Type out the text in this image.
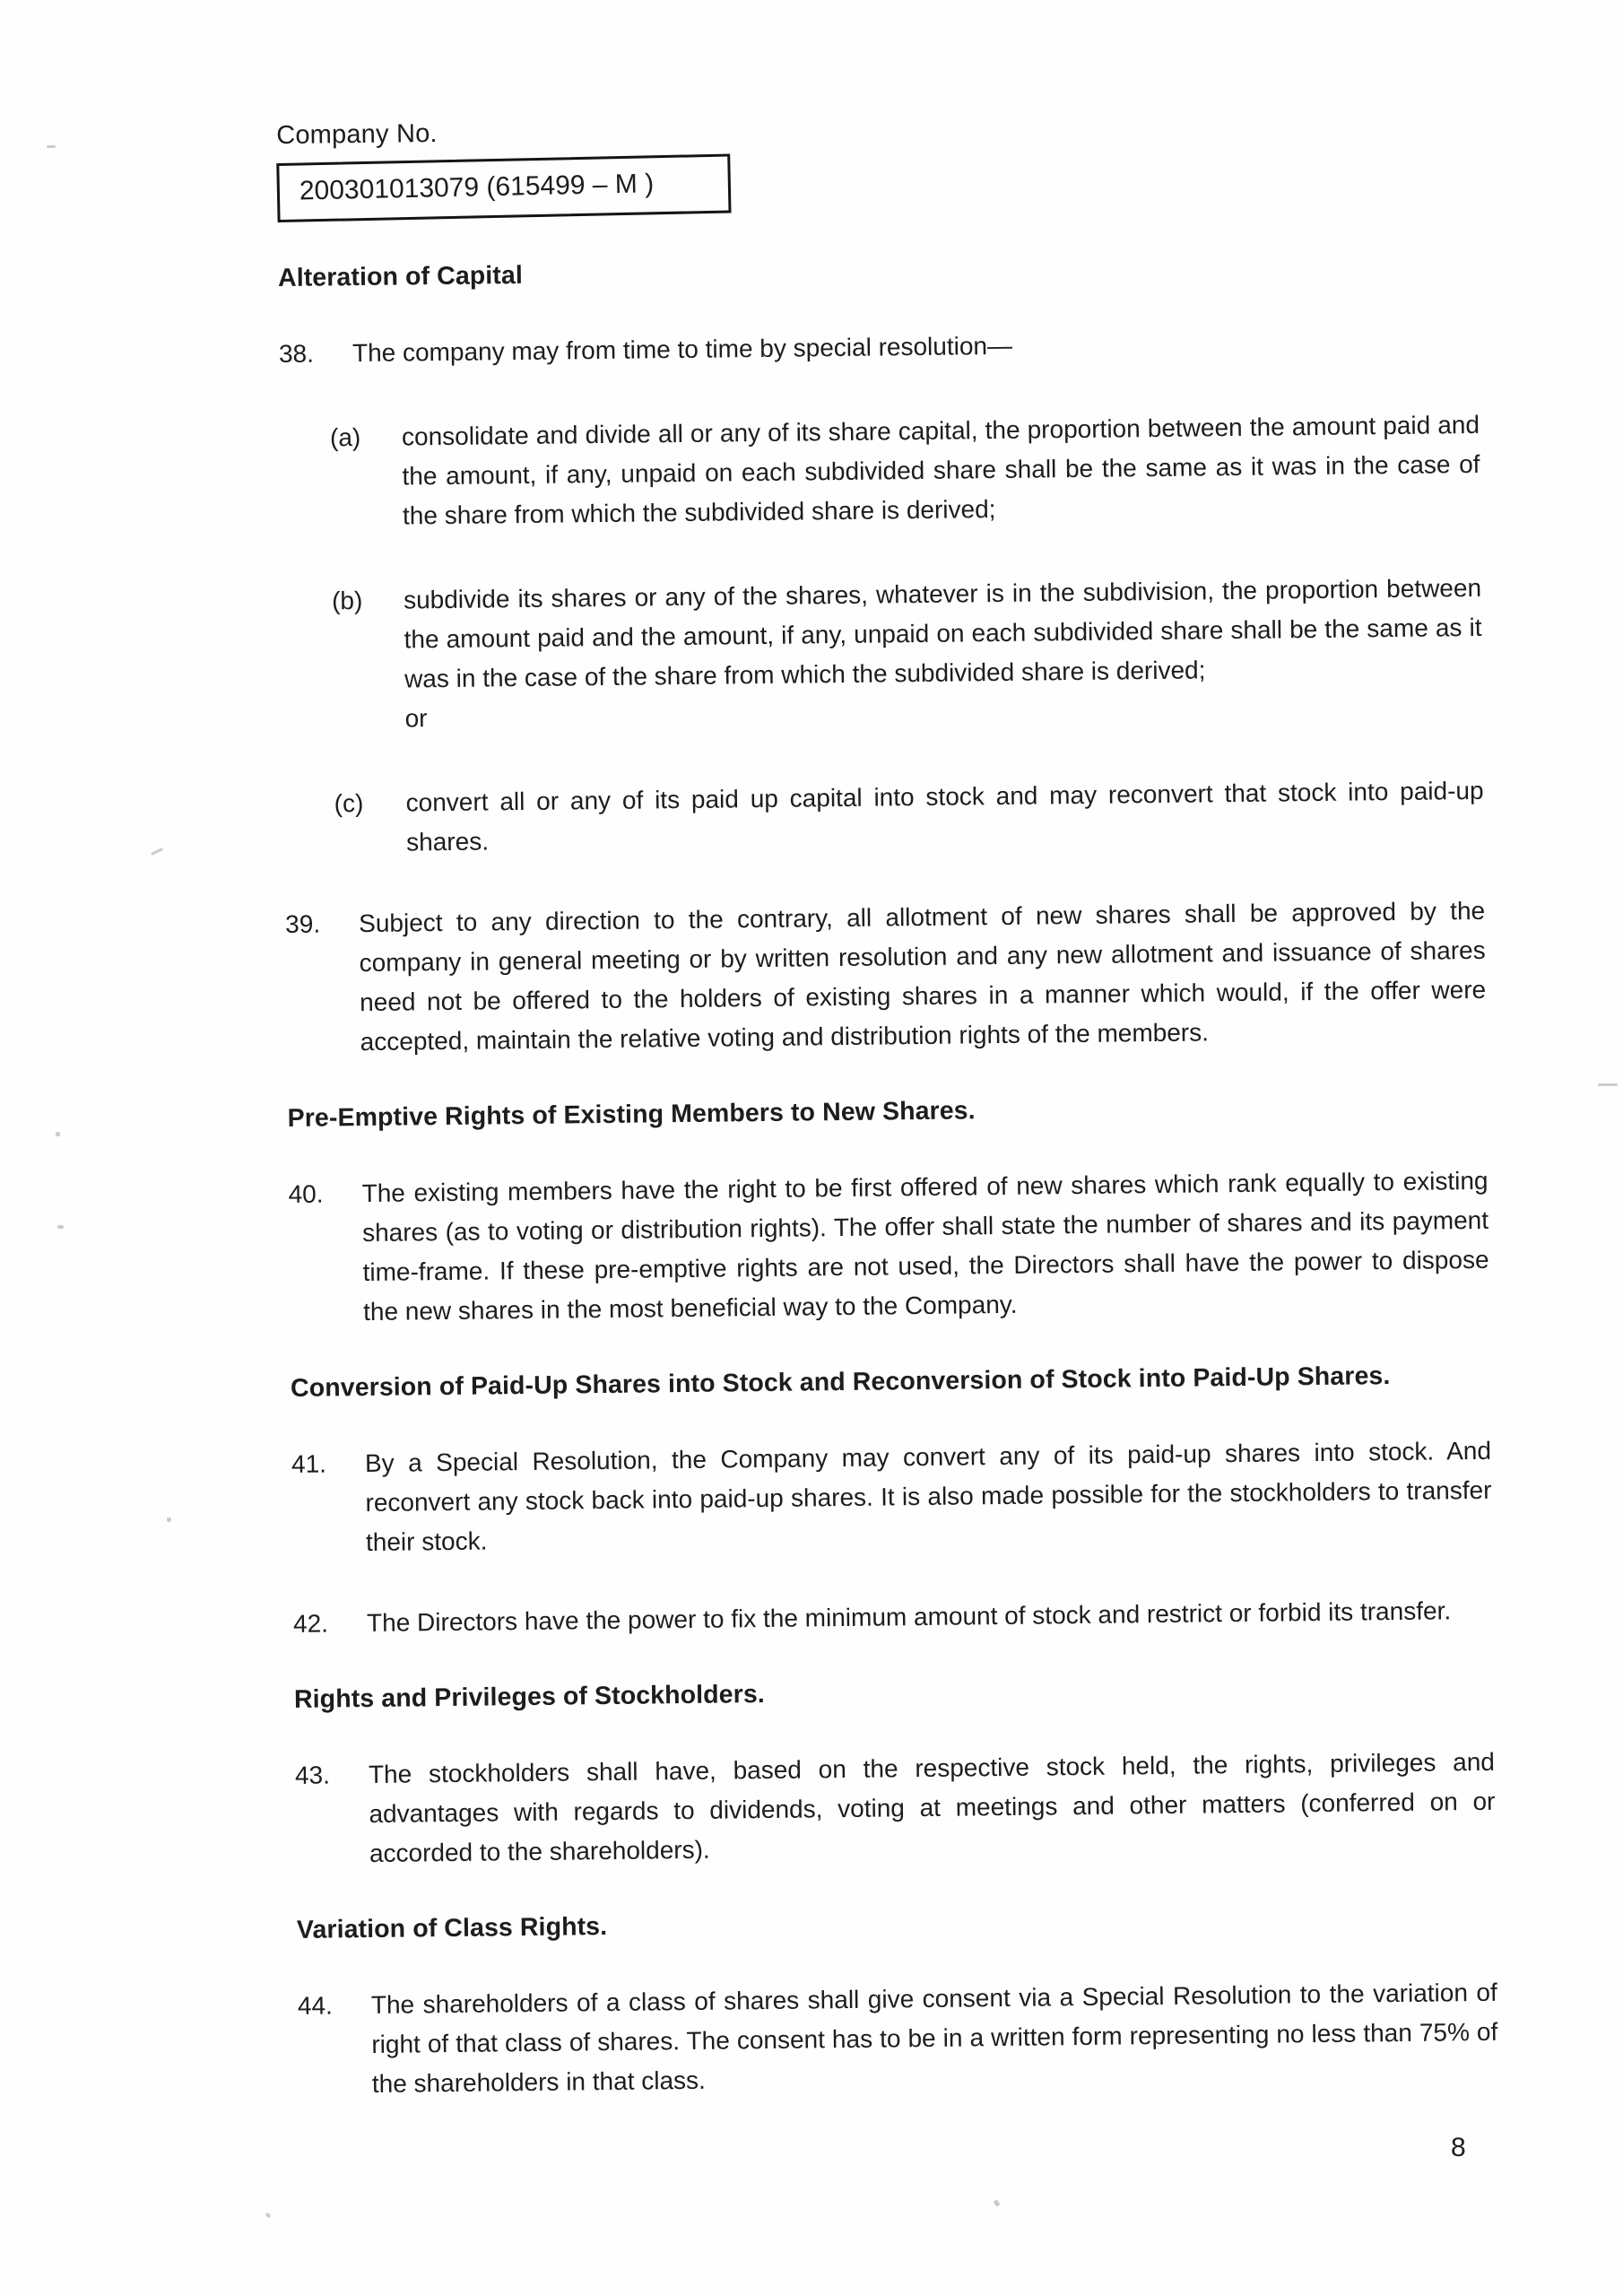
Company No.
200301013079 (615499 – M )
Alteration of Capital
38.	The company may from time to time by special resolution—
(a)	consolidate and divide all or any of its share capital, the proportion between the amount paid and the amount, if any, unpaid on each subdivided share shall be the same as it was in the case of the share from which the subdivided share is derived;
(b)	subdivide its shares or any of the shares, whatever is in the subdivision, the proportion between the amount paid and the amount, if any, unpaid on each subdivided share shall be the same as it was in the case of the share from which the subdivided share is derived;
or
(c)	convert all or any of its paid up capital into stock and may reconvert that stock into paid-up shares.
39.	Subject to any direction to the contrary, all allotment of new shares shall be approved by the company in general meeting or by written resolution and any new allotment and issuance of shares need not be offered to the holders of existing shares in a manner which would, if the offer were accepted, maintain the relative voting and distribution rights of the members.
Pre-Emptive Rights of Existing Members to New Shares.
40.	The existing members have the right to be first offered of new shares which rank equally to existing shares (as to voting or distribution rights). The offer shall state the number of shares and its payment time-frame. If these pre-emptive rights are not used, the Directors shall have the power to dispose the new shares in the most beneficial way to the Company.
Conversion of Paid-Up Shares into Stock and Reconversion of Stock into Paid-Up Shares.
41.	By a Special Resolution, the Company may convert any of its paid-up shares into stock. And reconvert any stock back into paid-up shares. It is also made possible for the stockholders to transfer their stock.
42.	The Directors have the power to fix the minimum amount of stock and restrict or forbid its transfer.
Rights and Privileges of Stockholders.
43.	The stockholders shall have, based on the respective stock held, the rights, privileges and advantages with regards to dividends, voting at meetings and other matters (conferred on or accorded to the shareholders).
Variation of Class Rights.
44.	The shareholders of a class of shares shall give consent via a Special Resolution to the variation of right of that class of shares. The consent has to be in a written form representing no less than 75% of the shareholders in that class.
8
